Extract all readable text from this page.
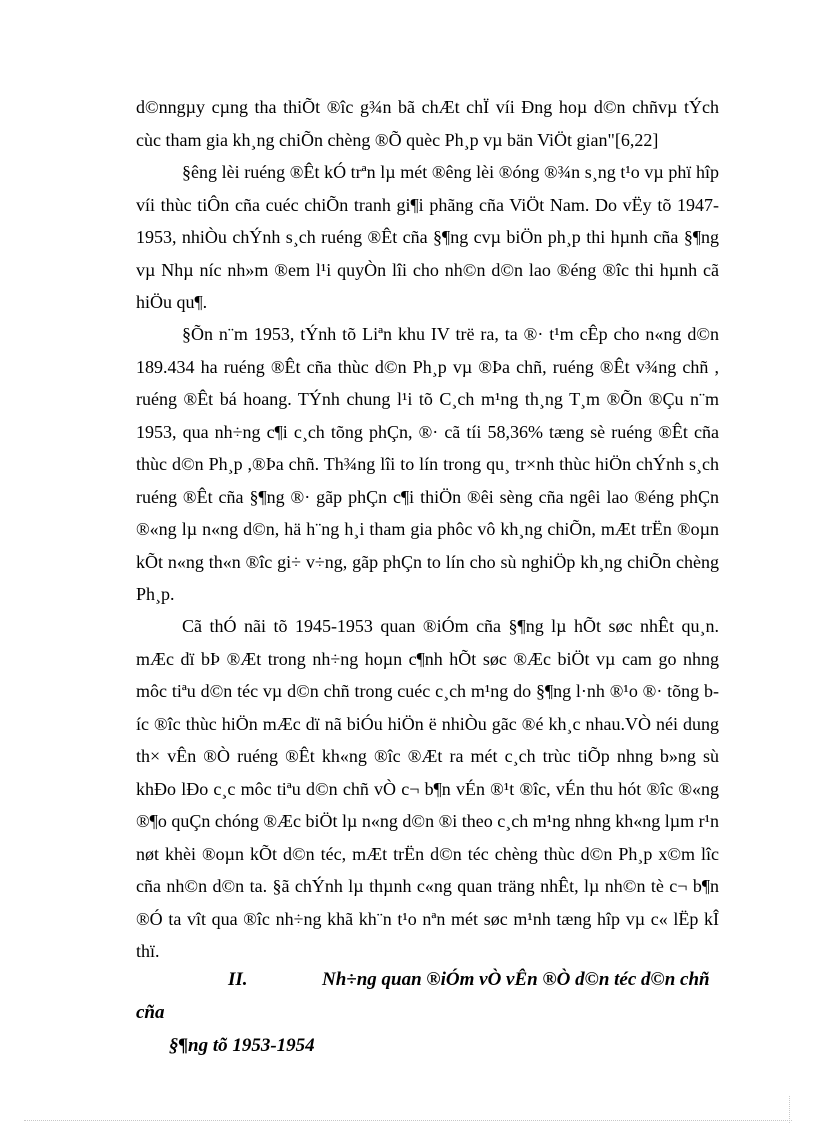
d©nngµy cµng tha thiÕt ®îc g¾n bã chÆt chÏ víi Ðng hoµ d©n chñvµ tÝch cùc tham gia kh¸ng chiÕn chèng ®Õ quèc Ph¸p vµ bän ViÖt gian"[6,22]

§êng lèi ruéng ®Êt kÓ trªn lµ mét ®êng lèi ®óng ®¾n s¸ng t¹o vµ phï hîp víi thùc tiÔn cña cuéc chiÕn tranh gi¶i phãng cña ViÖt Nam. Do vËy tõ 1947-1953, nhiÒu chÝnh s¸ch ruéng ®Êt cña §¶ng cvµ biÖn ph¸p thi hµnh cña §¶ng vµ Nhµ níc nh»m ®em l¹i quyÒn lîi cho nh©n d©n lao ®éng ®îc thi hµnh cã hiÖu qu¶.

§Õn n¨m 1953, tÝnh tõ Liªn khu IV trë ra, ta ®· t¹m cÊp cho n«ng d©n 189.434 ha ruéng ®Êt cña thùc d©n Ph¸p vµ ®Þa chñ, ruéng ®Êt v¾ng chñ , ruéng ®Êt bá hoang. TÝnh chung l¹i tõ C¸ch m¹ng th¸ng T¸m ®Õn ®Çu n¨m 1953, qua nh÷ng c¶i c¸ch tõng phÇn, ®· cã tíi 58,36% tæng sè ruéng ®Êt cña thùc d©n Ph¸p ,®Þa chñ. Th¾ng lîi to lín trong qu¸ tr×nh thùc hiÖn chÝnh s¸ch ruéng ®Êt cña §¶ng ®· gãp phÇn c¶i thiÖn ®êi sèng cña ngêi lao ®éng phÇn ®«ng lµ n«ng d©n, hä h¨ng h¸i tham gia phôc vô kh¸ng chiÕn, mÆt trËn ®oµn kÕt n«ng th«n ®îc gi÷ v÷ng, gãp phÇn to lín cho sù nghiÖp kh¸ng chiÕn chèng Ph¸p.

Cã thÓ nãi tõ 1945-1953 quan ®iÓm cña §¶ng lµ hÕt søc nhÊt qu¸n. mÆc dï bÞ ®Æt trong nh÷ng hoµn c¶nh hÕt søc ®Æc biÖt vµ cam go nhng môc tiªu d©n téc vµ d©n chñ trong cuéc c¸ch m¹ng do §¶ng l·nh ®¹o ®· tõng bíc ®îc thùc hiÖn mÆc dï nã biÓu hiÖn ë nhiÒu gãc ®é kh¸c nhau.VÒ néi dung th× vÊn ®Ò ruéng ®Êt kh«ng ®îc ®Æt ra mét c¸ch trùc tiÕp nhng b»ng sù khÐo lÐo c¸c môc tiªu d©n chñ vÒ c¬ b¶n vÉn ®¹t ®îc, vÉn thu hót ®îc ®«ng ®¶o quÇn chóng ®Æc biÖt lµ n«ng d©n ®i theo c¸ch m¹ng nhng kh«ng lµm r¹n nøt khèi ®oµn kÕt d©n téc, mÆt trËn d©n téc chèng thùc d©n Ph¸p x©m lîc cña nh©n d©n ta. §ã chÝnh lµ thµnh c«ng quan träng nhÊt, lµ nh©n tè c¬ b¶n ®Ó ta vît qua ®îc nh÷ng khã kh¨n t¹o nªn mét søc m¹nh tæng hîp vµ c« lËp kÎ thï.

II.	Nh÷ng quan ®iÓm vÒ vÊn ®Ò d©n téc d©n chñ cña
§¶ng tõ 1953-1954
